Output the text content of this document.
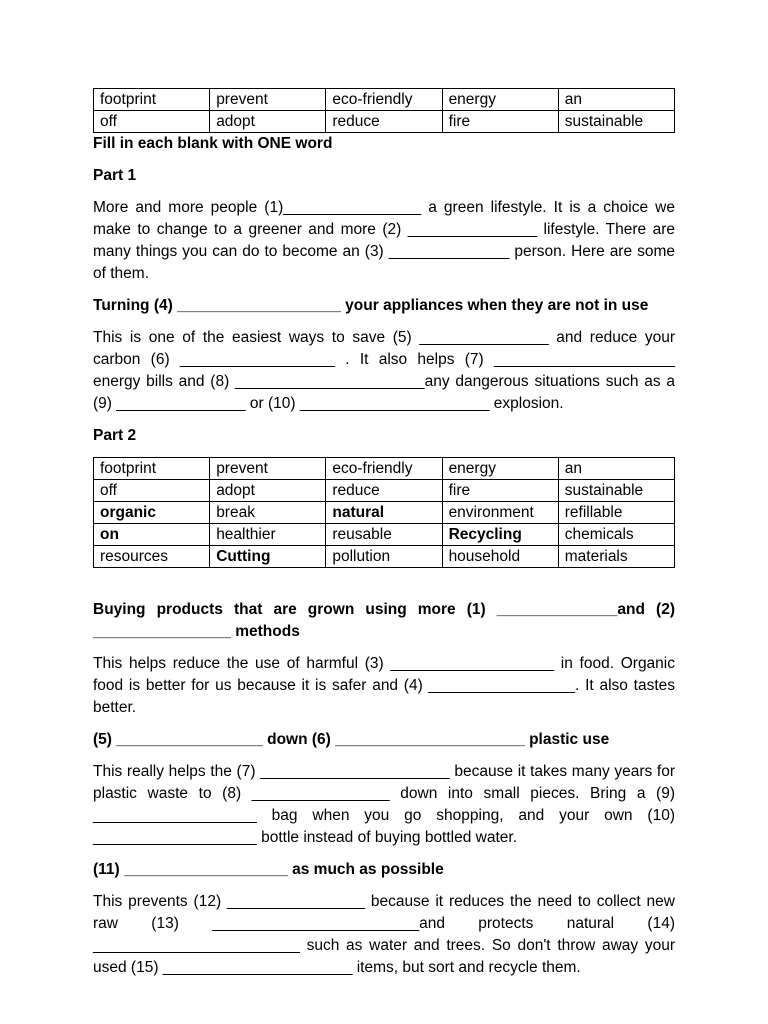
footprint	prevent	eco-friendly	energy	an
off	adopt	reduce	fire	sustainable

Fill in each blank with ONE word

Part 1

More and more people (1)________________ a green lifestyle. It is a choice we make to change to a greener and more (2) _______________ lifestyle. There are many things you can do to become an (3) ______________ person. Here are some of them.

Turning (4) ___________________ your appliances when they are not in use

This is one of the easiest ways to save (5) _______________ and reduce your carbon (6) __________________ . It also helps (7) _____________________ energy bills and (8) ______________________any dangerous situations such as a (9) _______________ or (10) ______________________ explosion.

Part 2

footprint	prevent	eco-friendly	energy	an
off	adopt	reduce	fire	sustainable
organic	break	natural	environment	refillable
on	healthier	reusable	Recycling	chemicals
resources	Cutting	pollution	household	materials

Buying products that are grown using more (1) ______________and (2) ________________ methods

This helps reduce the use of harmful (3) ___________________ in food. Organic food is better for us because it is safer and (4) _________________. It also tastes better.

(5) _________________ down (6) ______________________ plastic use

This really helps the (7) ______________________ because it takes many years for plastic waste to (8) ________________ down into small pieces. Bring a (9) ___________________ bag when you go shopping, and your own (10) ___________________ bottle instead of buying bottled water.

(11) ___________________ as much as possible

This prevents (12) ________________ because it reduces the need to collect new raw (13) ________________________and protects natural (14) ________________________ such as water and trees. So don't throw away your used (15) ______________________ items, but sort and recycle them.
